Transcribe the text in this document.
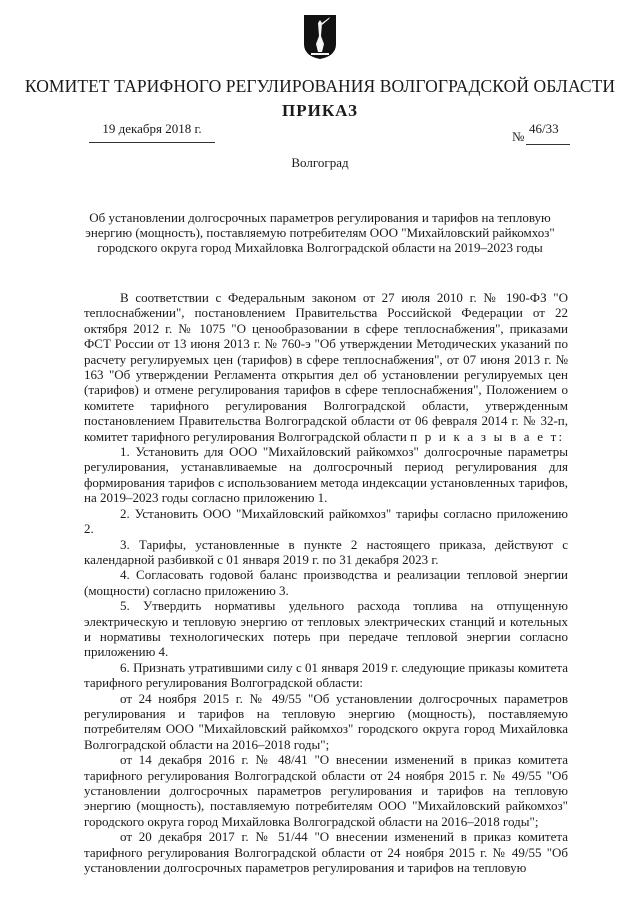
КОМИТЕТ ТАРИФНОГО РЕГУЛИРОВАНИЯ ВОЛГОГРАДСКОЙ ОБЛАСТИ
ПРИКАЗ
19 декабря 2018 г.
№
46/33
Волгоград
Об установлении долгосрочных параметров регулирования и тарифов на тепловую энергию (мощность), поставляемую потребителям ООО "Михайловский райкомхоз" городского округа город Михайловка Волгоградской области на 2019–2023 годы

В соответствии с Федеральным законом от 27 июля 2010 г. № 190-ФЗ "О теплоснабжении", постановлением Правительства Российской Федерации от 22 октября 2012 г. № 1075 "О ценообразовании в сфере теплоснабжения", приказами ФСТ России от 13 июня 2013 г. № 760-э "Об утверждении Методических указаний по расчету регулируемых цен (тарифов) в сфере теплоснабжения", от 07 июня 2013 г. № 163 "Об утверждении Регламента открытия дел об установлении регулируемых цен (тарифов) и отмене регулирования тарифов в сфере теплоснабжения", Положением о комитете тарифного регулирования Волгоградской области, утвержденным постановлением Правительства Волгоградской области от 06 февраля 2014 г. № 32-п, комитет тарифного регулирования Волгоградской области п р и к а з ы в а е т:

1. Установить для ООО "Михайловский райкомхоз" долгосрочные параметры регулирования, устанавливаемые на долгосрочный период регулирования для формирования тарифов с использованием метода индексации установленных тарифов, на 2019–2023 годы согласно приложению 1.

2. Установить ООО "Михайловский райкомхоз" тарифы согласно приложению 2.

3. Тарифы, установленные в пункте 2 настоящего приказа, действуют с календарной разбивкой с 01 января 2019 г. по 31 декабря 2023 г.

4. Согласовать годовой баланс производства и реализации тепловой энергии (мощности) согласно приложению 3.

5. Утвердить нормативы удельного расхода топлива на отпущенную электрическую и тепловую энергию от тепловых электрических станций и котельных и нормативы технологических потерь при передаче тепловой энергии согласно приложению 4.

6. Признать утратившими силу с 01 января 2019 г. следующие приказы комитета тарифного регулирования Волгоградской области:

от 24 ноября 2015 г. № 49/55 "Об установлении долгосрочных параметров регулирования и тарифов на тепловую энергию (мощность), поставляемую потребителям ООО "Михайловский райкомхоз" городского округа город Михайловка Волгоградской области на 2016–2018 годы";

от 14 декабря 2016 г. № 48/41 "О внесении изменений в приказ комитета тарифного регулирования Волгоградской области от 24 ноября 2015 г. № 49/55 "Об установлении долгосрочных параметров регулирования и тарифов на тепловую энергию (мощность), поставляемую потребителям ООО "Михайловский райкомхоз" городского округа город Михайловка Волгоградской области на 2016–2018 годы";

от 20 декабря 2017 г. № 51/44 "О внесении изменений в приказ комитета тарифного регулирования Волгоградской области от 24 ноября 2015 г. № 49/55 "Об установлении долгосрочных параметров регулирования и тарифов на тепловую
